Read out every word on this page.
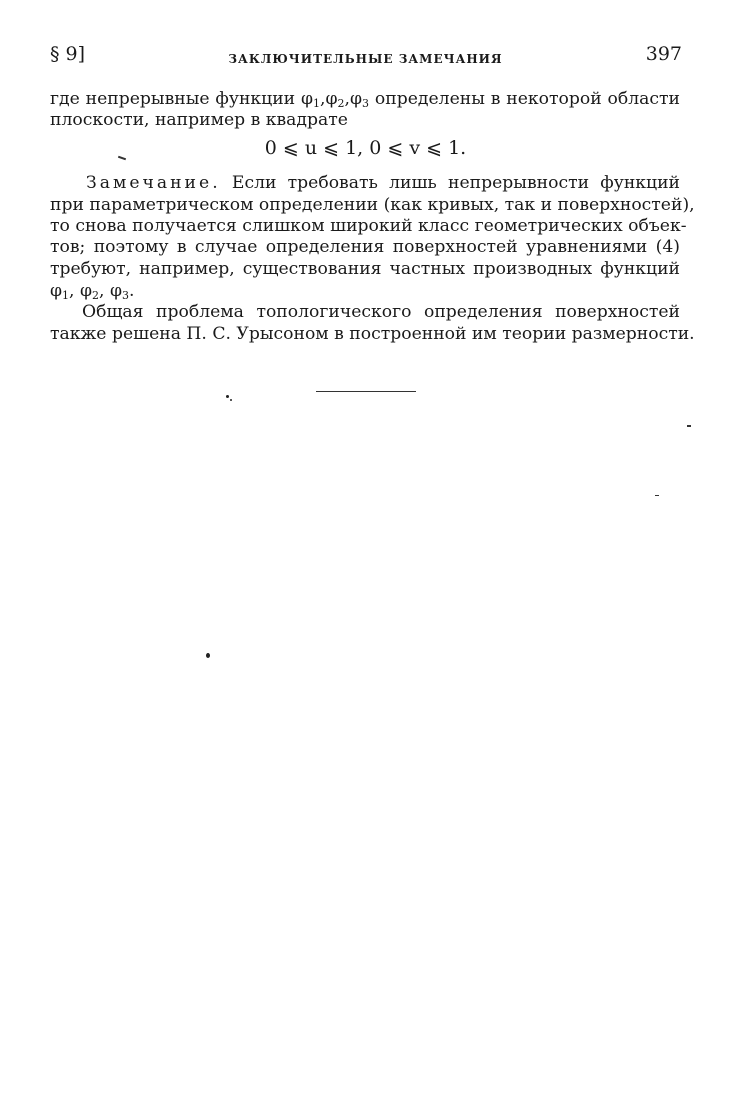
§ 9]	ЗАКЛЮЧИТЕЛЬНЫЕ ЗАМЕЧАНИЯ	397
где непрерывные функции $\varphi_1,\varphi_2,\varphi_3$ определены в некоторой области
плоскости, например в квадрате
0 ⩽ u ⩽ 1, 0 ⩽ v ⩽ 1.
Замечание. Если требовать лишь непрерывности функций
при параметрическом определении (как кривых, так и поверхностей),
то снова получается слишком широкий класс геометрических объек-
тов; поэтому в случае определения поверхностей уравнениями (4)
требуют, например, существования частных производных функций
$\varphi_1$, $\varphi_2$, $\varphi_3$.
Общая проблема топологического определения поверхностей
также решена П. С. Урысоном в построенной им теории размерности.
